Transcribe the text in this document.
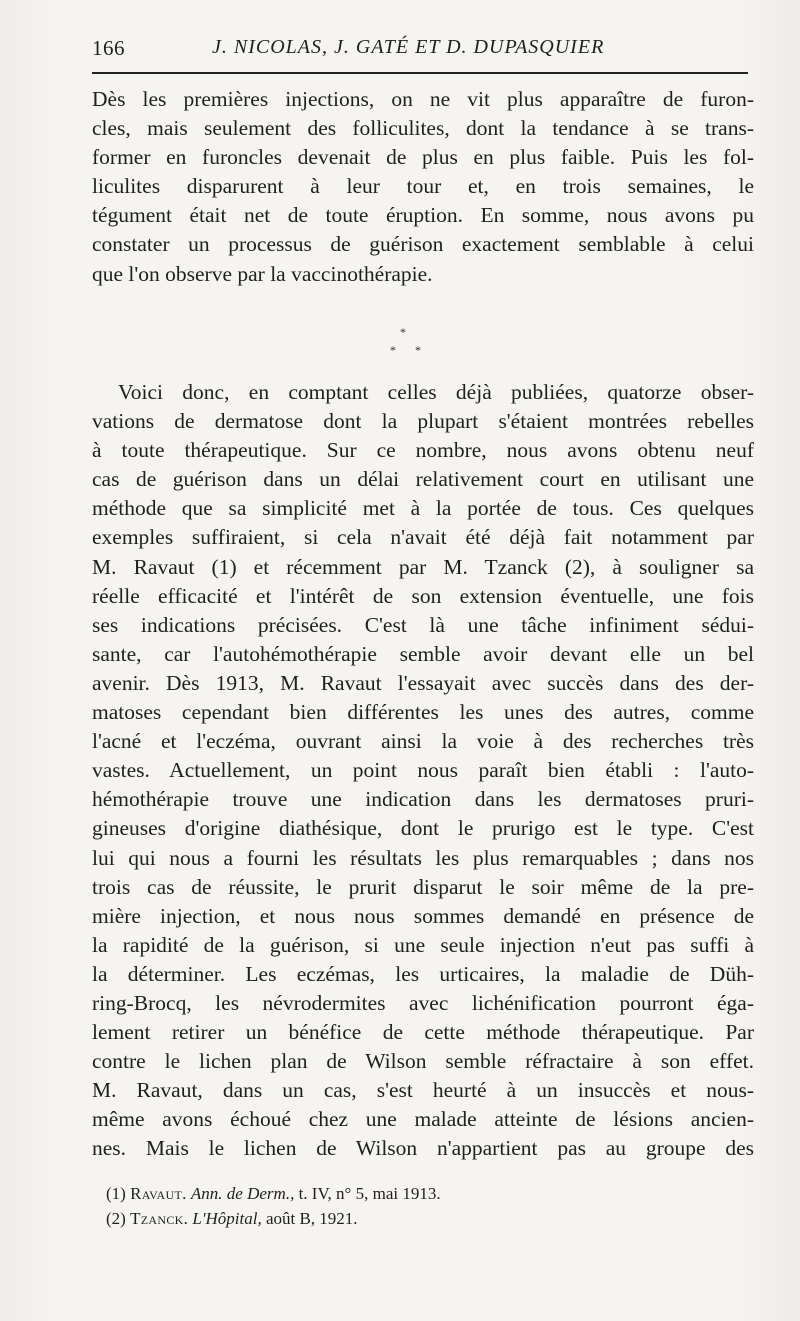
166	J. NICOLAS, J. GATÉ ET D. DUPASQUIER
Dès les premières injections, on ne vit plus apparaître de furon-
cles, mais seulement des folliculites, dont la tendance à se trans-
former en furoncles devenait de plus en plus faible. Puis les fol-
liculites disparurent à leur tour et, en trois semaines, le
tégument était net de toute éruption. En somme, nous avons pu
constater un processus de guérison exactement semblable à celui
que l'on observe par la vaccinothérapie.
*
* *
Voici donc, en comptant celles déjà publiées, quatorze obser-
vations de dermatose dont la plupart s'étaient montrées rebelles
à toute thérapeutique. Sur ce nombre, nous avons obtenu neuf
cas de guérison dans un délai relativement court en utilisant une
méthode que sa simplicité met à la portée de tous. Ces quelques
exemples suffiraient, si cela n'avait été déjà fait notamment par
M. Ravaut (1) et récemment par M. Tzanck (2), à souligner sa
réelle efficacité et l'intérêt de son extension éventuelle, une fois
ses indications précisées. C'est là une tâche infiniment sédui-
sante, car l'autohémothérapie semble avoir devant elle un bel
avenir. Dès 1913, M. Ravaut l'essayait avec succès dans des der-
matoses cependant bien différentes les unes des autres, comme
l'acné et l'eczéma, ouvrant ainsi la voie à des recherches très
vastes. Actuellement, un point nous paraît bien établi : l'auto-
hémothérapie trouve une indication dans les dermatoses pruri-
gineuses d'origine diathésique, dont le prurigo est le type. C'est
lui qui nous a fourni les résultats les plus remarquables ; dans nos
trois cas de réussite, le prurit disparut le soir même de la pre-
mière injection, et nous nous sommes demandé en présence de
la rapidité de la guérison, si une seule injection n'eut pas suffi à
la déterminer. Les eczémas, les urticaires, la maladie de Düh-
ring-Brocq, les névrodermites avec lichénification pourront éga-
lement retirer un bénéfice de cette méthode thérapeutique. Par
contre le lichen plan de Wilson semble réfractaire à son effet.
M. Ravaut, dans un cas, s'est heurté à un insuccès et nous-
même avons échoué chez une malade atteinte de lésions ancien-
nes. Mais le lichen de Wilson n'appartient pas au groupe des
(1) Ravaut. Ann. de Derm., t. IV, n° 5, mai 1913.
(2) Tzanck. L'Hôpital, août B, 1921.
